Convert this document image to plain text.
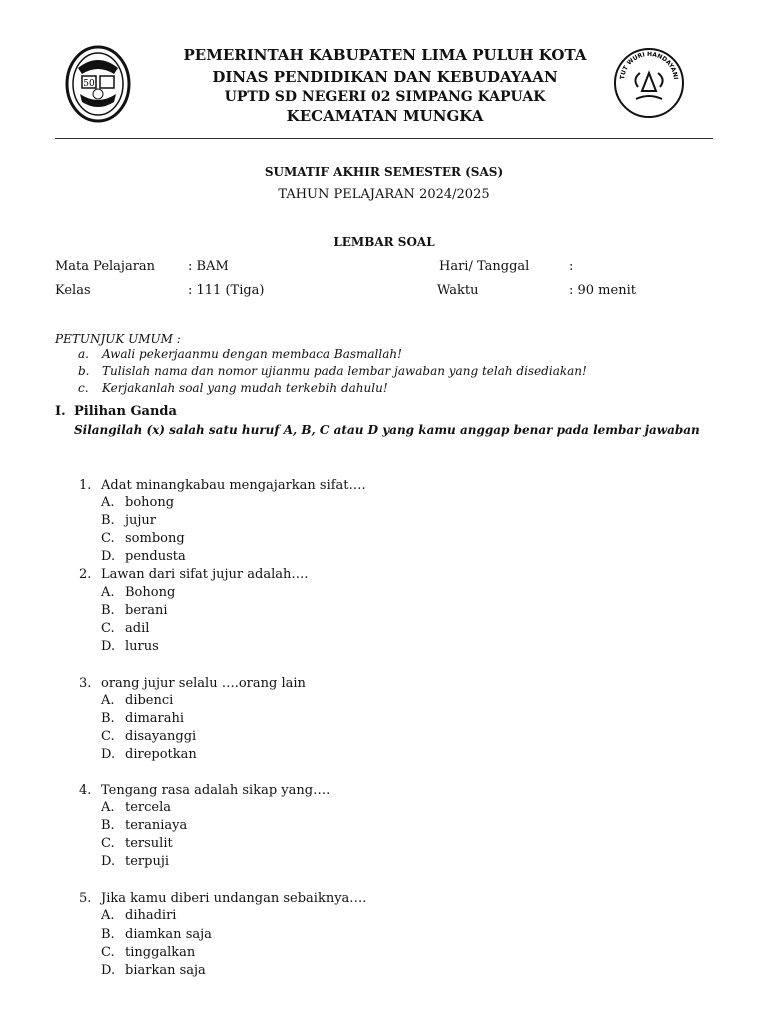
50
TUT WURI HANDAYANI
PEMERINTAH KABUPATEN LIMA PULUH KOTA
DINAS PENDIDIKAN DAN KEBUDAYAAN
UPTD SD NEGERI 02 SIMPANG KAPUAK
KECAMATAN MUNGKA
SUMATIF AKHIR SEMESTER (SAS)
TAHUN PELAJARAN 2024/2025
LEMBAR SOAL
Mata Pelajaran	: BAM	Hari/ Tanggal	:
Kelas	: 111 (Tiga)	Waktu	: 90 menit
PETUNJUK UMUM :
a. Awali pekerjaanmu dengan membaca Basmallah!
b. Tulislah nama dan nomor ujianmu pada lembar jawaban yang telah disediakan!
c. Kerjakanlah soal yang mudah terkebih dahulu!
I. Pilihan Ganda
Silangilah (x) salah satu huruf A, B, C atau D yang kamu anggap benar pada lembar jawaban
1. Adat minangkabau mengajarkan sifat….
A. bohong
B. jujur
C. sombong
D. pendusta
2. Lawan dari sifat jujur adalah….
A. Bohong
B. berani
C. adil
D. lurus
3. orang jujur selalu ….orang lain
A. dibenci
B. dimarahi
C. disayanggi
D. direpotkan
4. Tengang rasa adalah sikap yang….
A. tercela
B. teraniaya
C. tersulit
D. terpuji
5. Jika kamu diberi undangan sebaiknya….
A. dihadiri
B. diamkan saja
C. tinggalkan
D. biarkan saja
